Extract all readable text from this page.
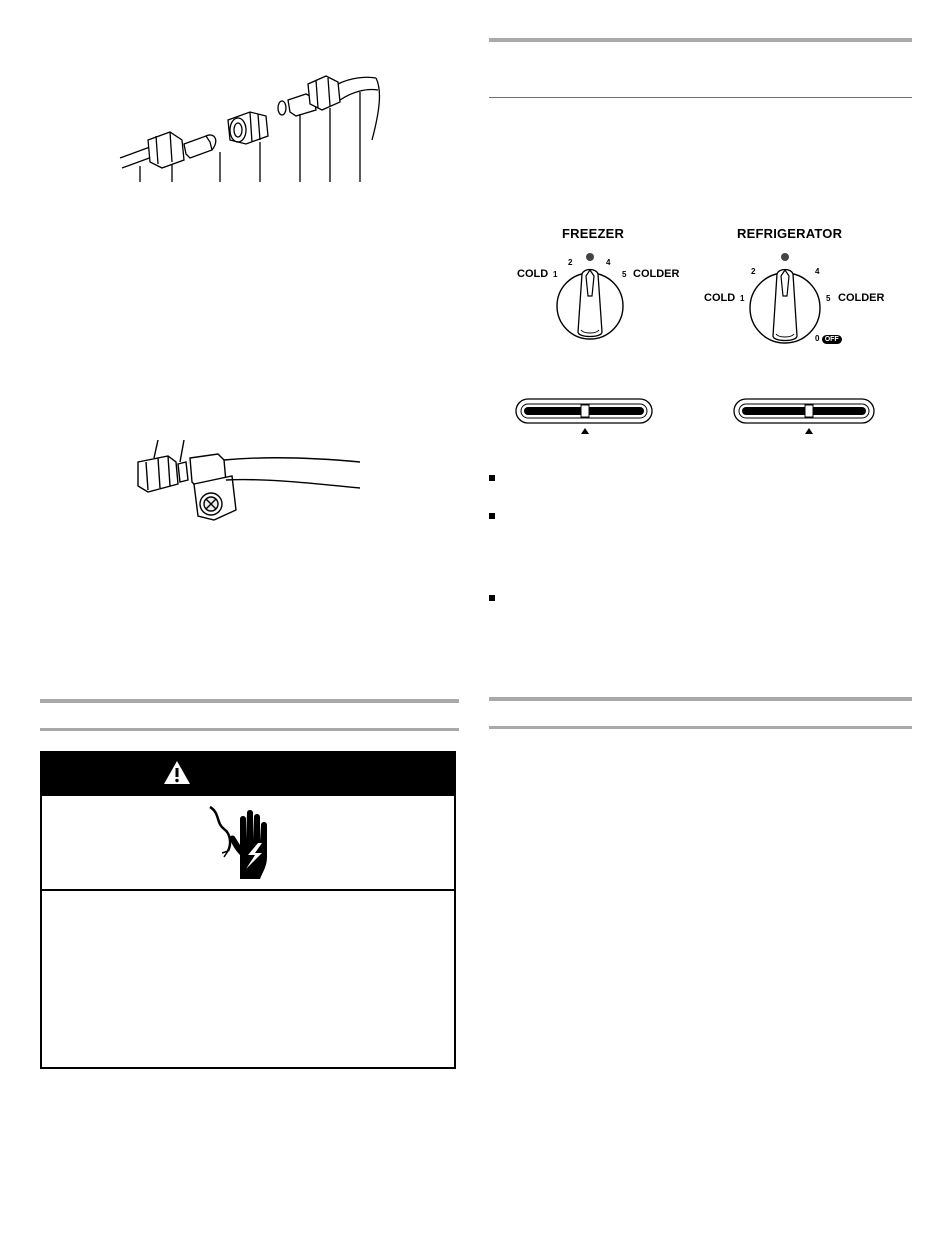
FREEZER
COLD 1
2	4
5 COLDER
REFRIGERATOR
COLD 1
2	4
5 COLDER
0 OFF
